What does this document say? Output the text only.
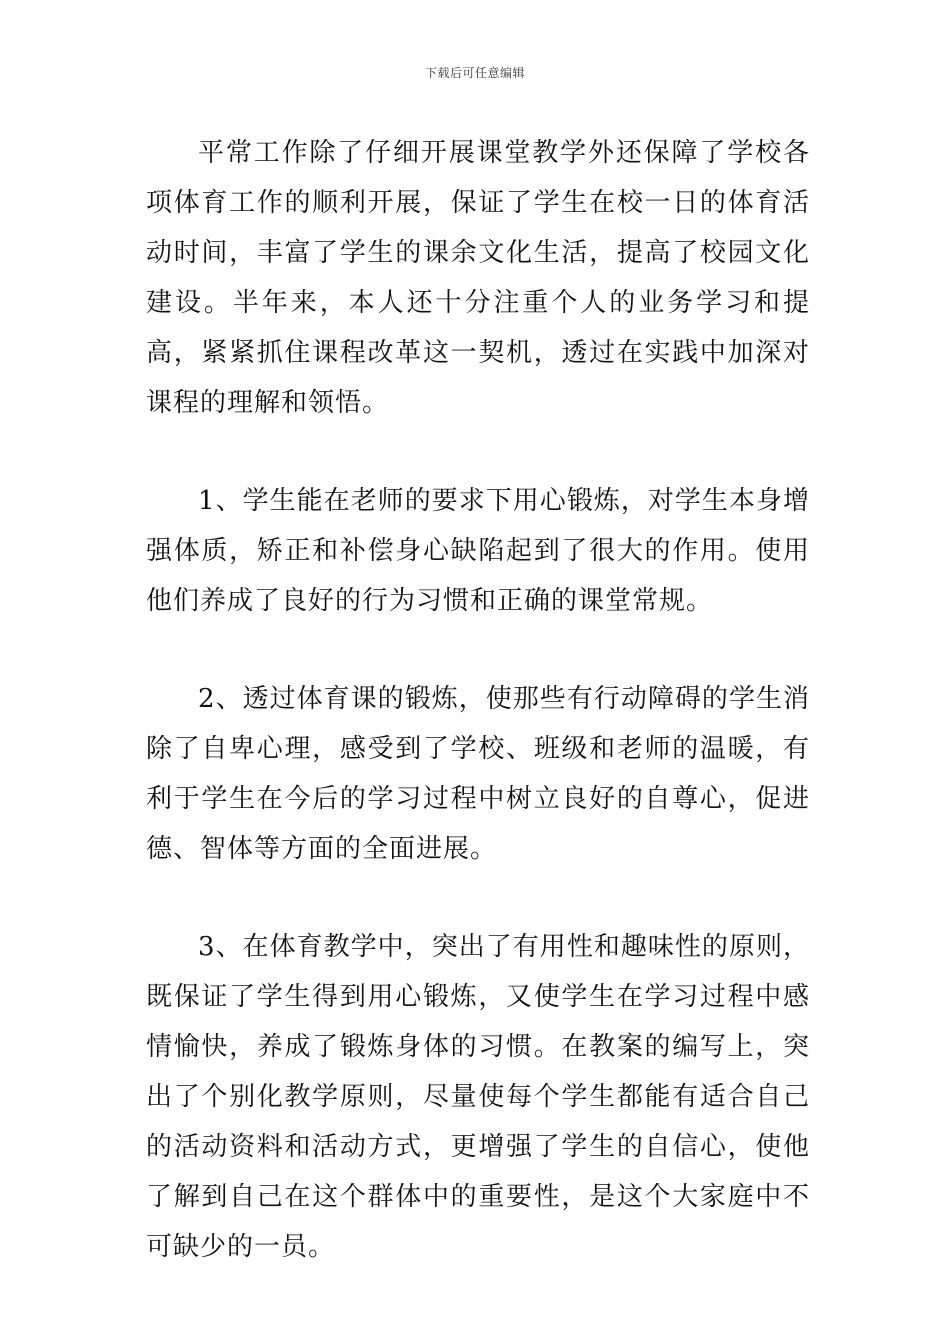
下载后可任意编辑

平常工作除了仔细开展课堂教学外还保障了学校各项体育工作的顺利开展，保证了学生在校一日的体育活动时间，丰富了学生的课余文化生活，提高了校园文化建设。半年来，本人还十分注重个人的业务学习和提高，紧紧抓住课程改革这一契机，透过在实践中加深对课程的理解和领悟。

1、学生能在老师的要求下用心锻炼，对学生本身增强体质，矫正和补偿身心缺陷起到了很大的作用。使用他们养成了良好的行为习惯和正确的课堂常规。

2、透过体育课的锻炼，使那些有行动障碍的学生消除了自卑心理，感受到了学校、班级和老师的温暖，有利于学生在今后的学习过程中树立良好的自尊心，促进德、智体等方面的全面进展。

3、在体育教学中，突出了有用性和趣味性的原则，既保证了学生得到用心锻炼，又使学生在学习过程中感情愉快，养成了锻炼身体的习惯。在教案的编写上，突出了个别化教学原则，尽量使每个学生都能有适合自己的活动资料和活动方式，更增强了学生的自信心，使他了解到自己在这个群体中的重要性，是这个大家庭中不可缺少的一员。
